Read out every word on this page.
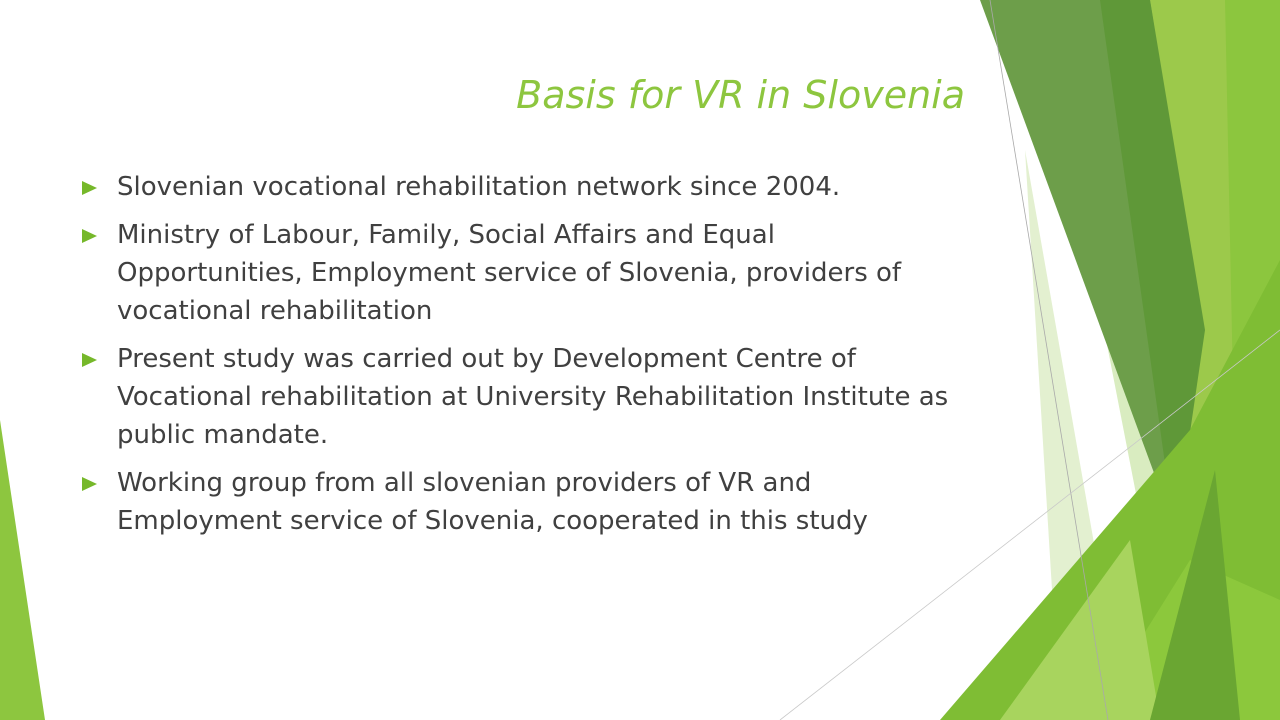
Basis for VR in Slovenia
Slovenian vocational rehabilitation network since 2004.
Ministry of Labour, Family, Social Affairs and Equal Opportunities, Employment service of Slovenia, providers of vocational rehabilitation
Present study was carried out by Development Centre of Vocational rehabilitation at University Rehabilitation Institute as public mandate.
Working group from all slovenian providers of VR and Employment service of Slovenia, cooperated in this study
